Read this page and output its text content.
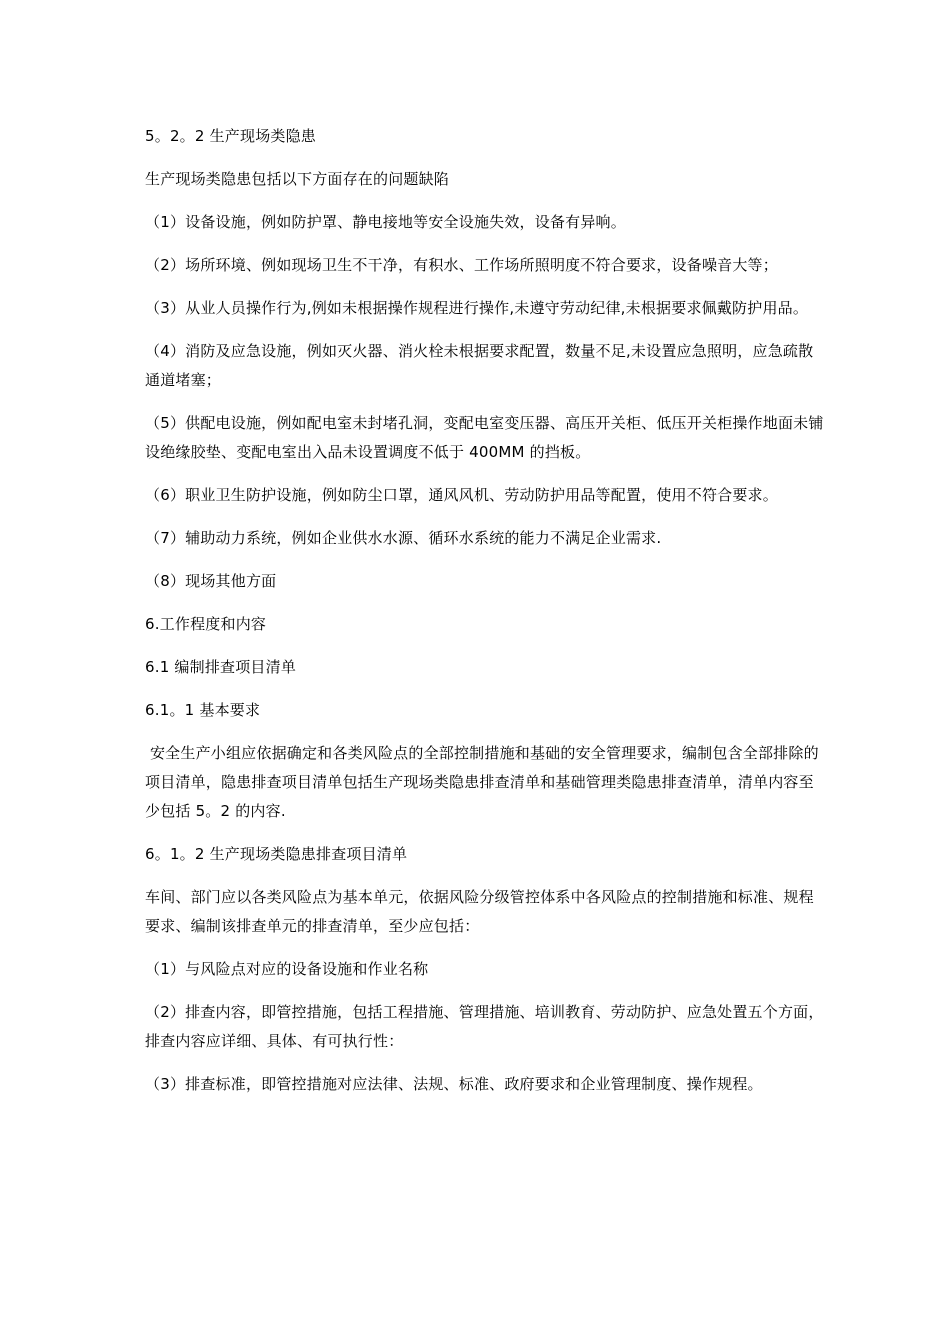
5。2。2 生产现场类隐患

生产现场类隐患包括以下方面存在的问题缺陷

（1）设备设施，例如防护罩、静电接地等安全设施失效，设备有异响。

（2）场所环境、例如现场卫生不干净，有积水、工作场所照明度不符合要求，设备噪音大等；

（3）从业人员操作行为,例如未根据操作规程进行操作,未遵守劳动纪律,未根据要求佩戴防护用品。

（4）消防及应急设施，例如灭火器、消火栓未根据要求配置，数量不足,未设置应急照明，应急疏散通道堵塞；

（5）供配电设施，例如配电室未封堵孔洞，变配电室变压器、高压开关柜、低压开关柜操作地面未铺设绝缘胶垫、变配电室出入品未设置调度不低于 400MM 的挡板。

（6）职业卫生防护设施，例如防尘口罩，通风风机、劳动防护用品等配置，使用不符合要求。

（7）辅助动力系统，例如企业供水水源、循环水系统的能力不满足企业需求.

（8）现场其他方面

6.工作程度和内容

6.1 编制排查项目清单

6.1。1 基本要求

安全生产小组应依据确定和各类风险点的全部控制措施和基础的安全管理要求，编制包含全部排除的项目清单，隐患排查项目清单包括生产现场类隐患排查清单和基础管理类隐患排查清单，清单内容至少包括 5。2 的内容.

6。1。2 生产现场类隐患排查项目清单

车间、部门应以各类风险点为基本单元，依据风险分级管控体系中各风险点的控制措施和标准、规程要求、编制该排查单元的排查清单，至少应包括：

（1）与风险点对应的设备设施和作业名称

（2）排查内容，即管控措施，包括工程措施、管理措施、培训教育、劳动防护、应急处置五个方面，排查内容应详细、具体、有可执行性：

（3）排查标准，即管控措施对应法律、法规、标准、政府要求和企业管理制度、操作规程。
